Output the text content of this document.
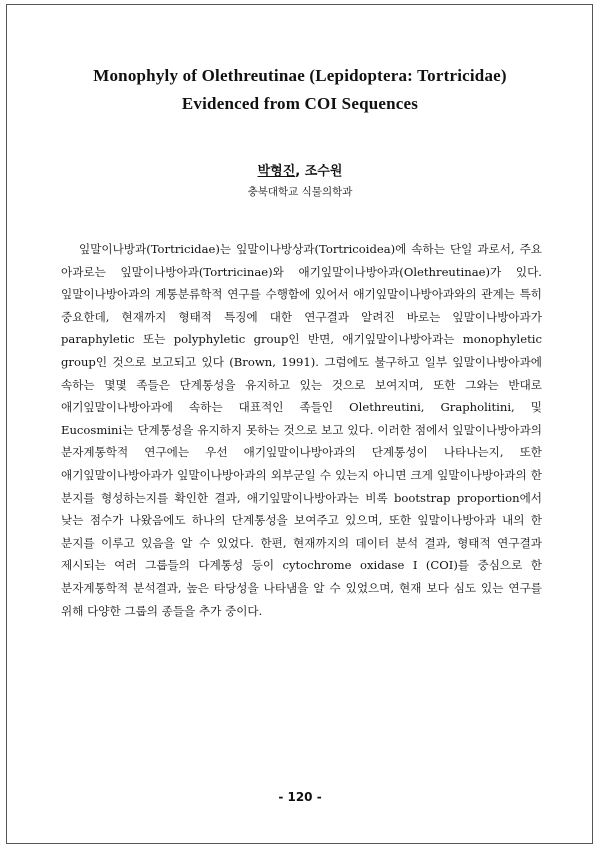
Monophyly of Olethreutinae (Lepidoptera: Tortricidae)

Evidenced from COI Sequences

박형진, 조수원
충북대학교 식물의학과

잎말이나방과(Tortricidae)는 잎말이나방상과(Tortricoidea)에 속하는 단일 과로서, 주요 아과로는 잎말이나방아과(Tortricinae)와 애기잎말이나방아과(Olethreutinae)가 있다. 잎말이나방아과의 계통분류학적 연구를 수행함에 있어서 애기잎말이나방아과와의 관계는 특히 중요한데, 현재까지 형태적 특징에 대한 연구결과 알려진 바로는 잎말이나방아과가 paraphyletic 또는 polyphyletic group인 반면, 애기잎말이나방아과는 monophyletic group인 것으로 보고되고 있다 (Brown, 1991). 그럼에도 불구하고 일부 잎말이나방아과에 속하는 몇몇 족들은 단계통성을 유지하고 있는 것으로 보여지며, 또한 그와는 반대로 애기잎말이나방아과에 속하는 대표적인 족들인 Olethreutini, Grapholitini, 및 Eucosmini는 단계통성을 유지하지 못하는 것으로 보고 있다. 이러한 점에서 잎말이나방아과의 분자계통학적 연구에는 우선 애기잎말이나방아과의 단계통성이 나타나는지, 또한 애기잎말이나방아과가 잎말이나방아과의 외부군일 수 있는지 아니면 크게 잎말이나방아과의 한 분지를 형성하는지를 확인한 결과, 애기잎말이나방아과는 비록 bootstrap proportion에서 낮는 점수가 나왔음에도 하나의 단계통성을 보여주고 있으며, 또한 잎말이나방아과 내의 한 분지를 이루고 있음을 알 수 있었다. 한편, 현재까지의 데이터 분석 결과, 형태적 연구결과 제시되는 여러 그룹들의 다계통성 등이 cytochrome oxidase I (COI)를 중심으로 한 분자계통학적 분석결과, 높은 타당성을 나타냄을 알 수 있었으며, 현재 보다 심도 있는 연구를 위해 다양한 그룹의 종들을 추가 중이다.

- 120 -
